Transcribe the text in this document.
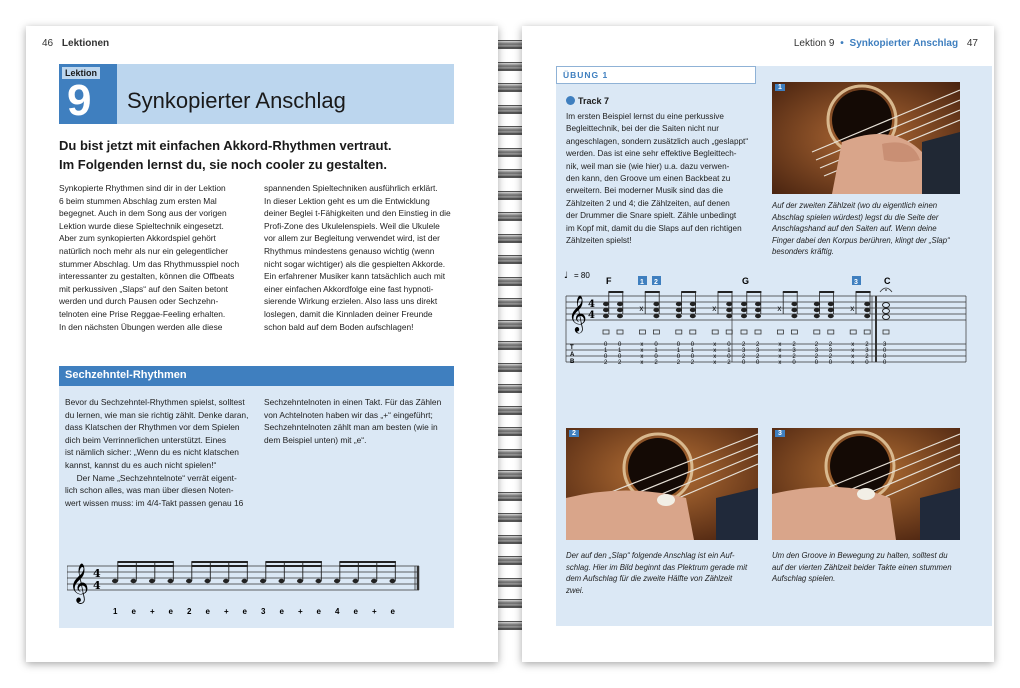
46 Lektionen
Lektion
9 Synkopierter Anschlag
Du bist jetzt mit einfachen Akkord-Rhythmen vertraut.
Im Folgenden lernst du, sie noch cooler zu gestalten.
Synkopierte Rhythmen sind dir in der Lektion
6 beim stummen Abschlag zum ersten Mal
begegnet. Auch in dem Song aus der vorigen
Lektion wurde diese Spieltechnik eingesetzt.
Aber zum synkopierten Akkordspiel gehört
natürlich noch mehr als nur ein gelegentlicher
stummer Abschlag. Um das Rhythmusspiel noch
interessanter zu gestalten, können die Offbeats
mit perkussiven „Slaps“ auf den Saiten betont
werden und durch Pausen oder Sechzehn-
telnoten eine Prise Reggae-Feeling erhalten.
In den nächsten Übungen werden alle diese
spannenden Spieltechniken ausführlich erklärt.
In dieser Lektion geht es um die Entwicklung
deiner Beglei t-Fähigkeiten und den Einstieg in die
Profi-Zone des Ukulelenspiels. Weil die Ukulele
vor allem zur Begleitung verwendet wird, ist der
Rhythmus mindestens genauso wichtig (wenn
nicht sogar wichtiger) als die gespielten Akkorde.
Ein erfahrener Musiker kann tatsächlich auch mit
einer einfachen Akkordfolge eine fast hypnoti-
sierende Wirkung erzielen. Also lass uns direkt
loslegen, damit die Kinnladen deiner Freunde
schon bald auf dem Boden aufschlagen!
Sechzehntel-Rhythmen
Bevor du Sechzehntel-Rhythmen spielst, solltest
du lernen, wie man sie richtig zählt. Denke daran,
dass Klatschen der Rhythmen vor dem Spielen
dich beim Verrinnerlichen unterstützt. Eines
ist nämlich sicher: „Wenn du es nicht klatschen
kannst, kannst du es auch nicht spielen!“
Der Name „Sechzehntelnote“ verrät eigent-
lich schon alles, was man über diesen Noten-
wert wissen muss: im 4/4-Takt passen genau 16
Sechzehntelnoten in einen Takt. Für das Zählen
von Achtelnoten haben wir das „+“ eingeführt;
Sechzehntelnoten zählt man am besten (wie in
dem Beispiel unten) mit „e“.
𝄞 4
4
1 e + e 2 e + e 3 e + e 4 e + e
Lektion 9 • Synkopierter Anschlag 47
ÜBUNG 1
Track 7
Im ersten Beispiel lernst du eine perkussive
Begleittechnik, bei der die Saiten nicht nur
angeschlagen, sondern zusätzlich auch „geslappt“
werden. Das ist eine sehr effektive Begleittech-
nik, weil man sie (wie hier) u.a. dazu verwen-
den kann, den Groove um einen Backbeat zu
erweitern. Bei moderner Musik sind das die
Zählzeiten 2 und 4; die Zählzeiten, auf denen
der Drummer die Snare spielt. Zähle unbedingt
im Kopf mit, damit du die Slaps auf den richtigen
Zählzeiten spielst!
1
Auf der zweiten Zählzeit (wo du eigentlich einen
Abschlag spielen würdest) legst du die Seite der
Anschlagshand auf den Saiten auf. Wenn deine
Finger dabei den Korpus berühren, klingt der „Slap“
besonders kräftig.
♩ = 80
F	G	C
1 2	3
𝄞 4
4
T
A
B
0
1
0
2
0
1
0
2
x
x
x
x
x
0
1
0
2
0
1
0
2
0
1
0
2
x
x
x
x
x
0
1
0
2
2
3
2
0
2
3
2
0
x
x
x
x
x
2
3
2
0
2
3
2
0
2
3
2
0
x
x
x
x
x
2
3
2
0
3
0
0
0
2
Der auf den „Slap“ folgende Anschlag ist ein Auf-
schlag. Hier im Bild beginnt das Plektrum gerade mit
dem Aufschlag für die zweite Hälfte von Zählzeit
zwei.
3
Um den Groove in Bewegung zu halten, solltest du
auf der vierten Zählzeit beider Takte einen stummen
Aufschlag spielen.
